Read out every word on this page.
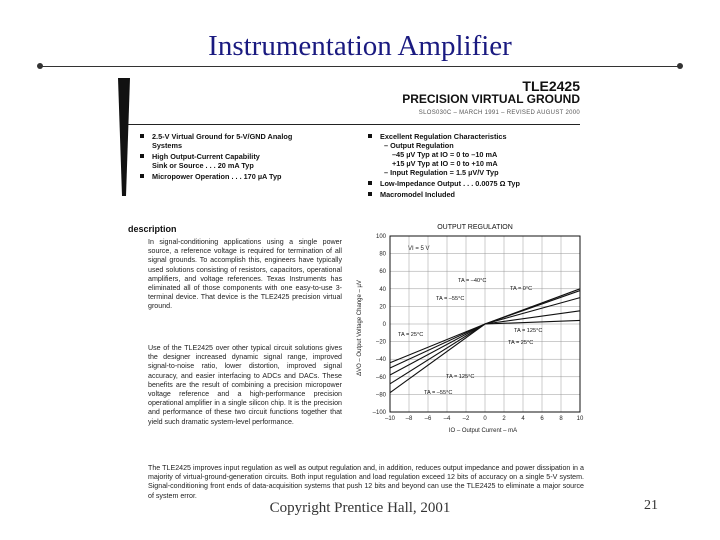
Instrumentation Amplifier
TLE2425
PRECISION VIRTUAL GROUND
SLOS030C – MARCH 1991 – REVISED AUGUST 2000
2.5-V Virtual Ground for 5-V/GND Analog
Systems
High Output-Current Capability
Sink or Source . . . 20 mA Typ
Micropower Operation . . . 170 µA Typ
Excellent Regulation Characteristics
– Output Regulation
–45 µV Typ at IO = 0 to –10 mA
+15 µV Typ at IO = 0 to +10 mA
– Input Regulation = 1.5 µV/V Typ
Low-Impedance Output . . . 0.0075 Ω Typ
Macromodel Included
description
In signal-conditioning applications using a single power source, a reference voltage is required for termination of all signal grounds. To accomplish this, engineers have typically used solutions consisting of resistors, capacitors, operational amplifiers, and voltage references. Texas Instruments has eliminated all of those components with one easy-to-use 3-terminal device. That device is the TLE2425 precision virtual ground.
Use of the TLE2425 over other typical circuit solutions gives the designer increased dynamic signal range, improved signal-to-noise ratio, lower distortion, improved signal accuracy, and easier interfacing to ADCs and DACs. These benefits are the result of combining a precision micropower voltage reference and a high-performance precision operational amplifier in a single silicon chip. It is the precision and performance of these two circuit functions together that yield such dramatic system-level performance.
The TLE2425 improves input regulation as well as output regulation and, in addition, reduces output impedance and power dissipation in a majority of virtual-ground-generation circuits. Both input regulation and load regulation exceed 12 bits of accuracy on a single 5-V system. Signal-conditioning front ends of data-acquisition systems that push 12 bits and beyond can use the TLE2425 to eliminate a major source of system error.
OUTPUT REGULATION
ΔVO – Output Voltage Change – µV
IO – Output Current – mA
VI = 5 V
100
80
60
40
20
0
–20
–40
–60
–80
–100
–10 –8 –6 –4 –2 0	2	4	6	8 10
TA = –40°C
TA = –55°C
TA = 0°C
TA = 25°C
TA = 125°C
TA = 25°C
TA = 125°C
TA = –55°C
Copyright Prentice Hall, 2001	21
